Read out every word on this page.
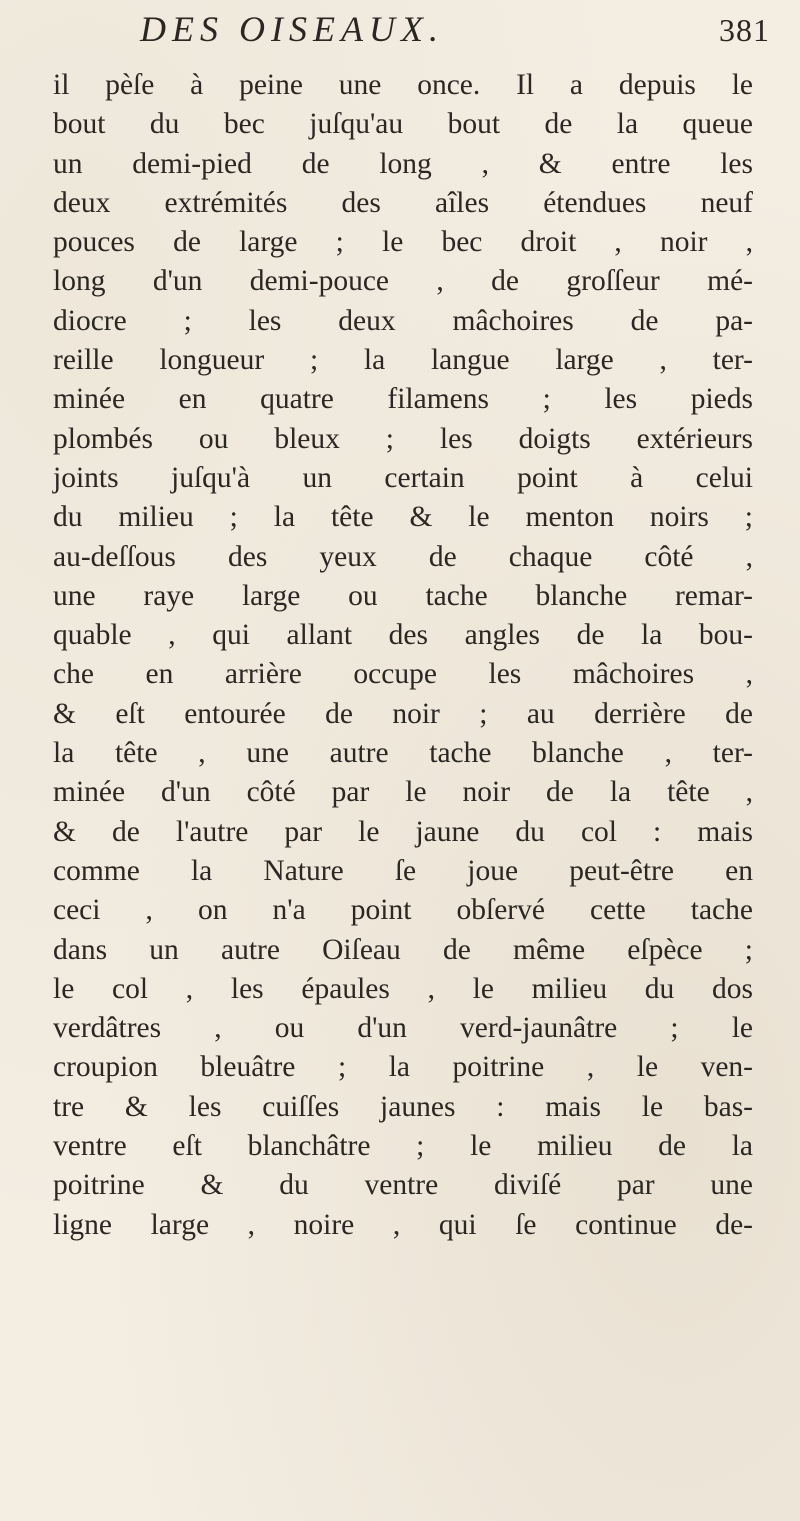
DES OISEAUX.	381
il pèſe à peine une once. Il a depuis le
bout du bec juſqu'au bout de la queue
un demi-pied de long , & entre les
deux extrémités des aîles étendues neuf
pouces de large ; le bec droit , noir ,
long d'un demi-pouce , de groſſeur mé-
diocre ; les deux mâchoires de pa-
reille longueur ; la langue large , ter-
minée en quatre filamens ; les pieds
plombés ou bleux ; les doigts extérieurs
joints juſqu'à un certain point à celui
du milieu ; la tête & le menton noirs ;
au-deſſous des yeux de chaque côté ,
une raye large ou tache blanche remar-
quable , qui allant des angles de la bou-
che en arrière occupe les mâchoires ,
& eſt entourée de noir ; au derrière de
la tête , une autre tache blanche , ter-
minée d'un côté par le noir de la tête ,
& de l'autre par le jaune du col : mais
comme la Nature ſe joue peut-être en
ceci , on n'a point obſervé cette tache
dans un autre Oiſeau de même eſpèce ;
le col , les épaules , le milieu du dos
verdâtres , ou d'un verd-jaunâtre ; le
croupion bleuâtre ; la poitrine , le ven-
tre & les cuiſſes jaunes : mais le bas-
ventre eſt blanchâtre ; le milieu de la
poitrine & du ventre diviſé par une
ligne large , noire , qui ſe continue de-
